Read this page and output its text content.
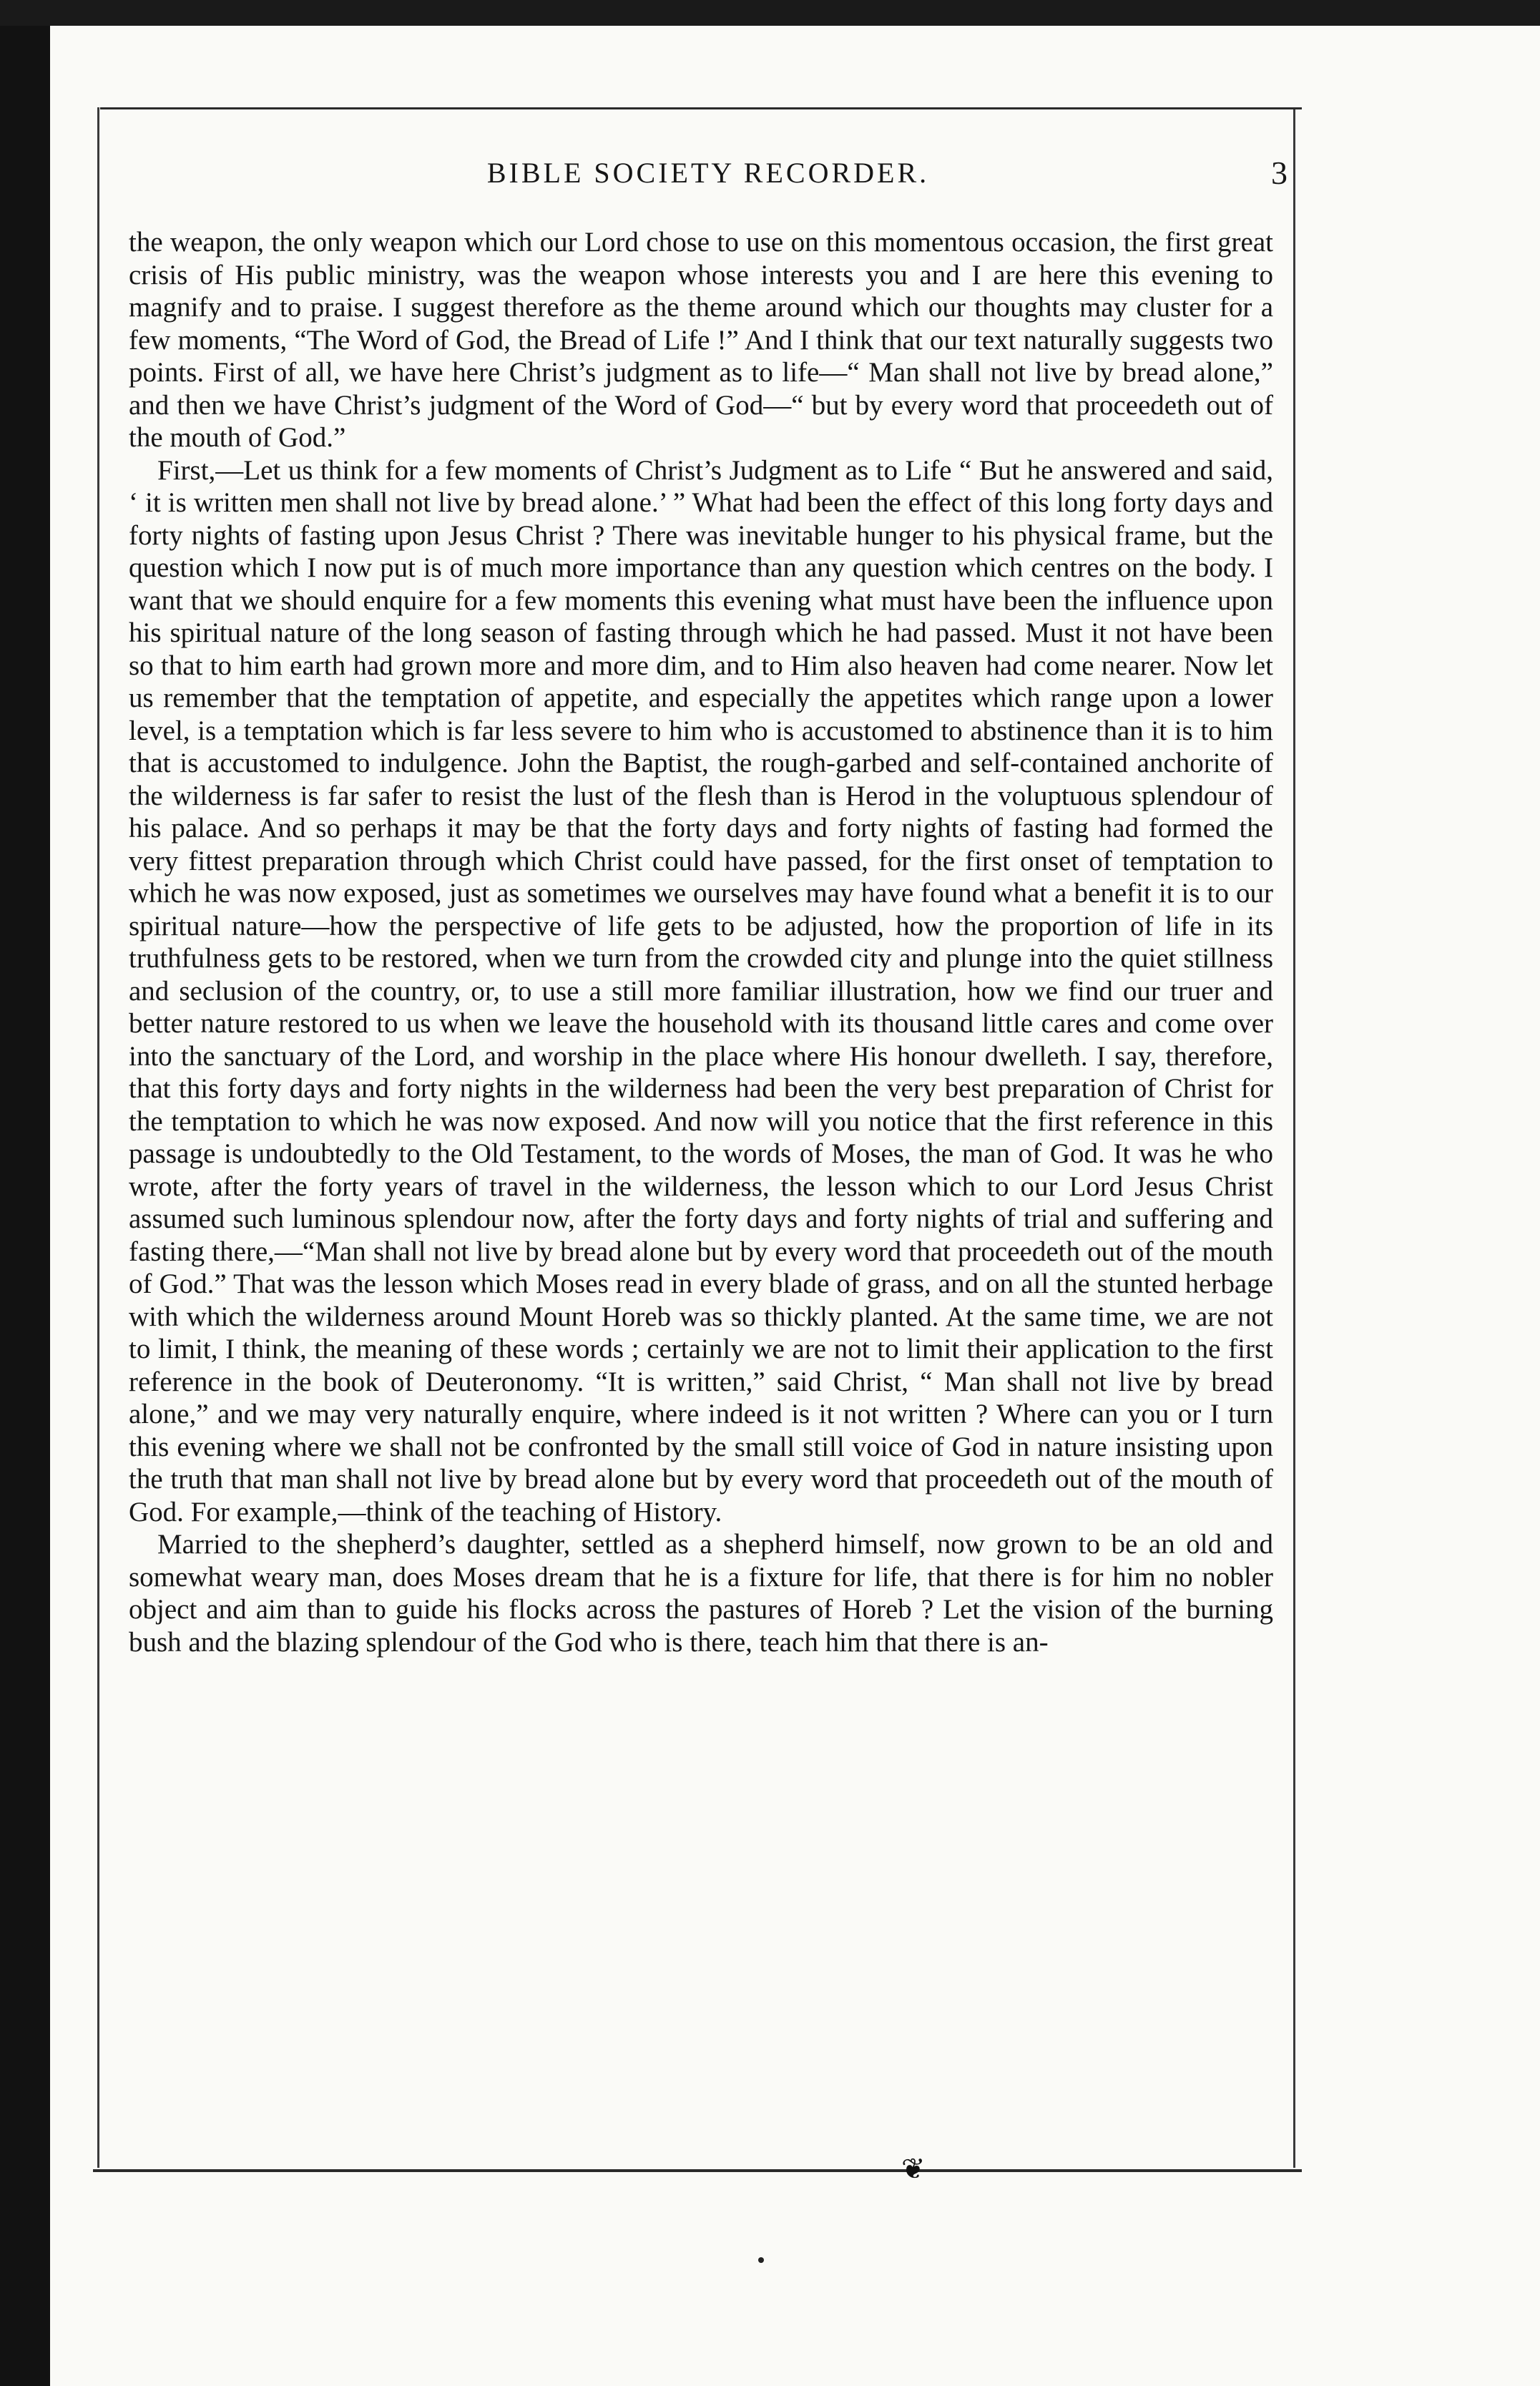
BIBLE SOCIETY RECORDER.	3

the weapon, the only weapon which our Lord chose to use on this momentous occasion, the first great crisis of His public ministry, was the weapon whose interests you and I are here this evening to magnify and to praise. I suggest therefore as the theme around which our thoughts may cluster for a few moments, “The Word of God, the Bread of Life !” And I think that our text naturally suggests two points. First of all, we have here Christ’s judgment as to life—“ Man shall not live by bread alone,” and then we have Christ’s judgment of the Word of God—“ but by every word that proceedeth out of the mouth of God.”

First,—Let us think for a few moments of Christ’s Judgment as to Life “ But he answered and said, ‘ it is written men shall not live by bread alone.’ ” What had been the effect of this long forty days and forty nights of fasting upon Jesus Christ ? There was inevitable hunger to his physical frame, but the question which I now put is of much more importance than any question which centres on the body. I want that we should enquire for a few moments this evening what must have been the influence upon his spiritual nature of the long season of fasting through which he had passed. Must it not have been so that to him earth had grown more and more dim, and to Him also heaven had come nearer. Now let us remember that the temptation of appetite, and especially the appetites which range upon a lower level, is a temptation which is far less severe to him who is accustomed to abstinence than it is to him that is accustomed to indulgence. John the Baptist, the rough-garbed and self-contained anchorite of the wilderness is far safer to resist the lust of the flesh than is Herod in the voluptuous splendour of his palace. And so perhaps it may be that the forty days and forty nights of fasting had formed the very fittest preparation through which Christ could have passed, for the first onset of temptation to which he was now exposed, just as sometimes we ourselves may have found what a benefit it is to our spiritual nature—how the perspective of life gets to be adjusted, how the proportion of life in its truthfulness gets to be restored, when we turn from the crowded city and plunge into the quiet stillness and seclusion of the country, or, to use a still more familiar illustration, how we find our truer and better nature restored to us when we leave the household with its thousand little cares and come over into the sanctuary of the Lord, and worship in the place where His honour dwelleth. I say, therefore, that this forty days and forty nights in the wilderness had been the very best preparation of Christ for the temptation to which he was now exposed. And now will you notice that the first reference in this passage is undoubtedly to the Old Testament, to the words of Moses, the man of God. It was he who wrote, after the forty years of travel in the wilderness, the lesson which to our Lord Jesus Christ assumed such luminous splendour now, after the forty days and forty nights of trial and suffering and fasting there,—“Man shall not live by bread alone but by every word that proceedeth out of the mouth of God.” That was the lesson which Moses read in every blade of grass, and on all the stunted herbage with which the wilderness around Mount Horeb was so thickly planted. At the same time, we are not to limit, I think, the meaning of these words ; certainly we are not to limit their application to the first reference in the book of Deuteronomy. “It is written,” said Christ, “ Man shall not live by bread alone,” and we may very naturally enquire, where indeed is it not written ? Where can you or I turn this evening where we shall not be confronted by the small still voice of God in nature insisting upon the truth that man shall not live by bread alone but by every word that proceedeth out of the mouth of God. For example,—think of the teaching of History.

Married to the shepherd’s daughter, settled as a shepherd himself, now grown to be an old and somewhat weary man, does Moses dream that he is a fixture for life, that there is for him no nobler object and aim than to guide his flocks across the pastures of Horeb ? Let the vision of the burning bush and the blazing splendour of the God who is there, teach him that there is an-

❦
